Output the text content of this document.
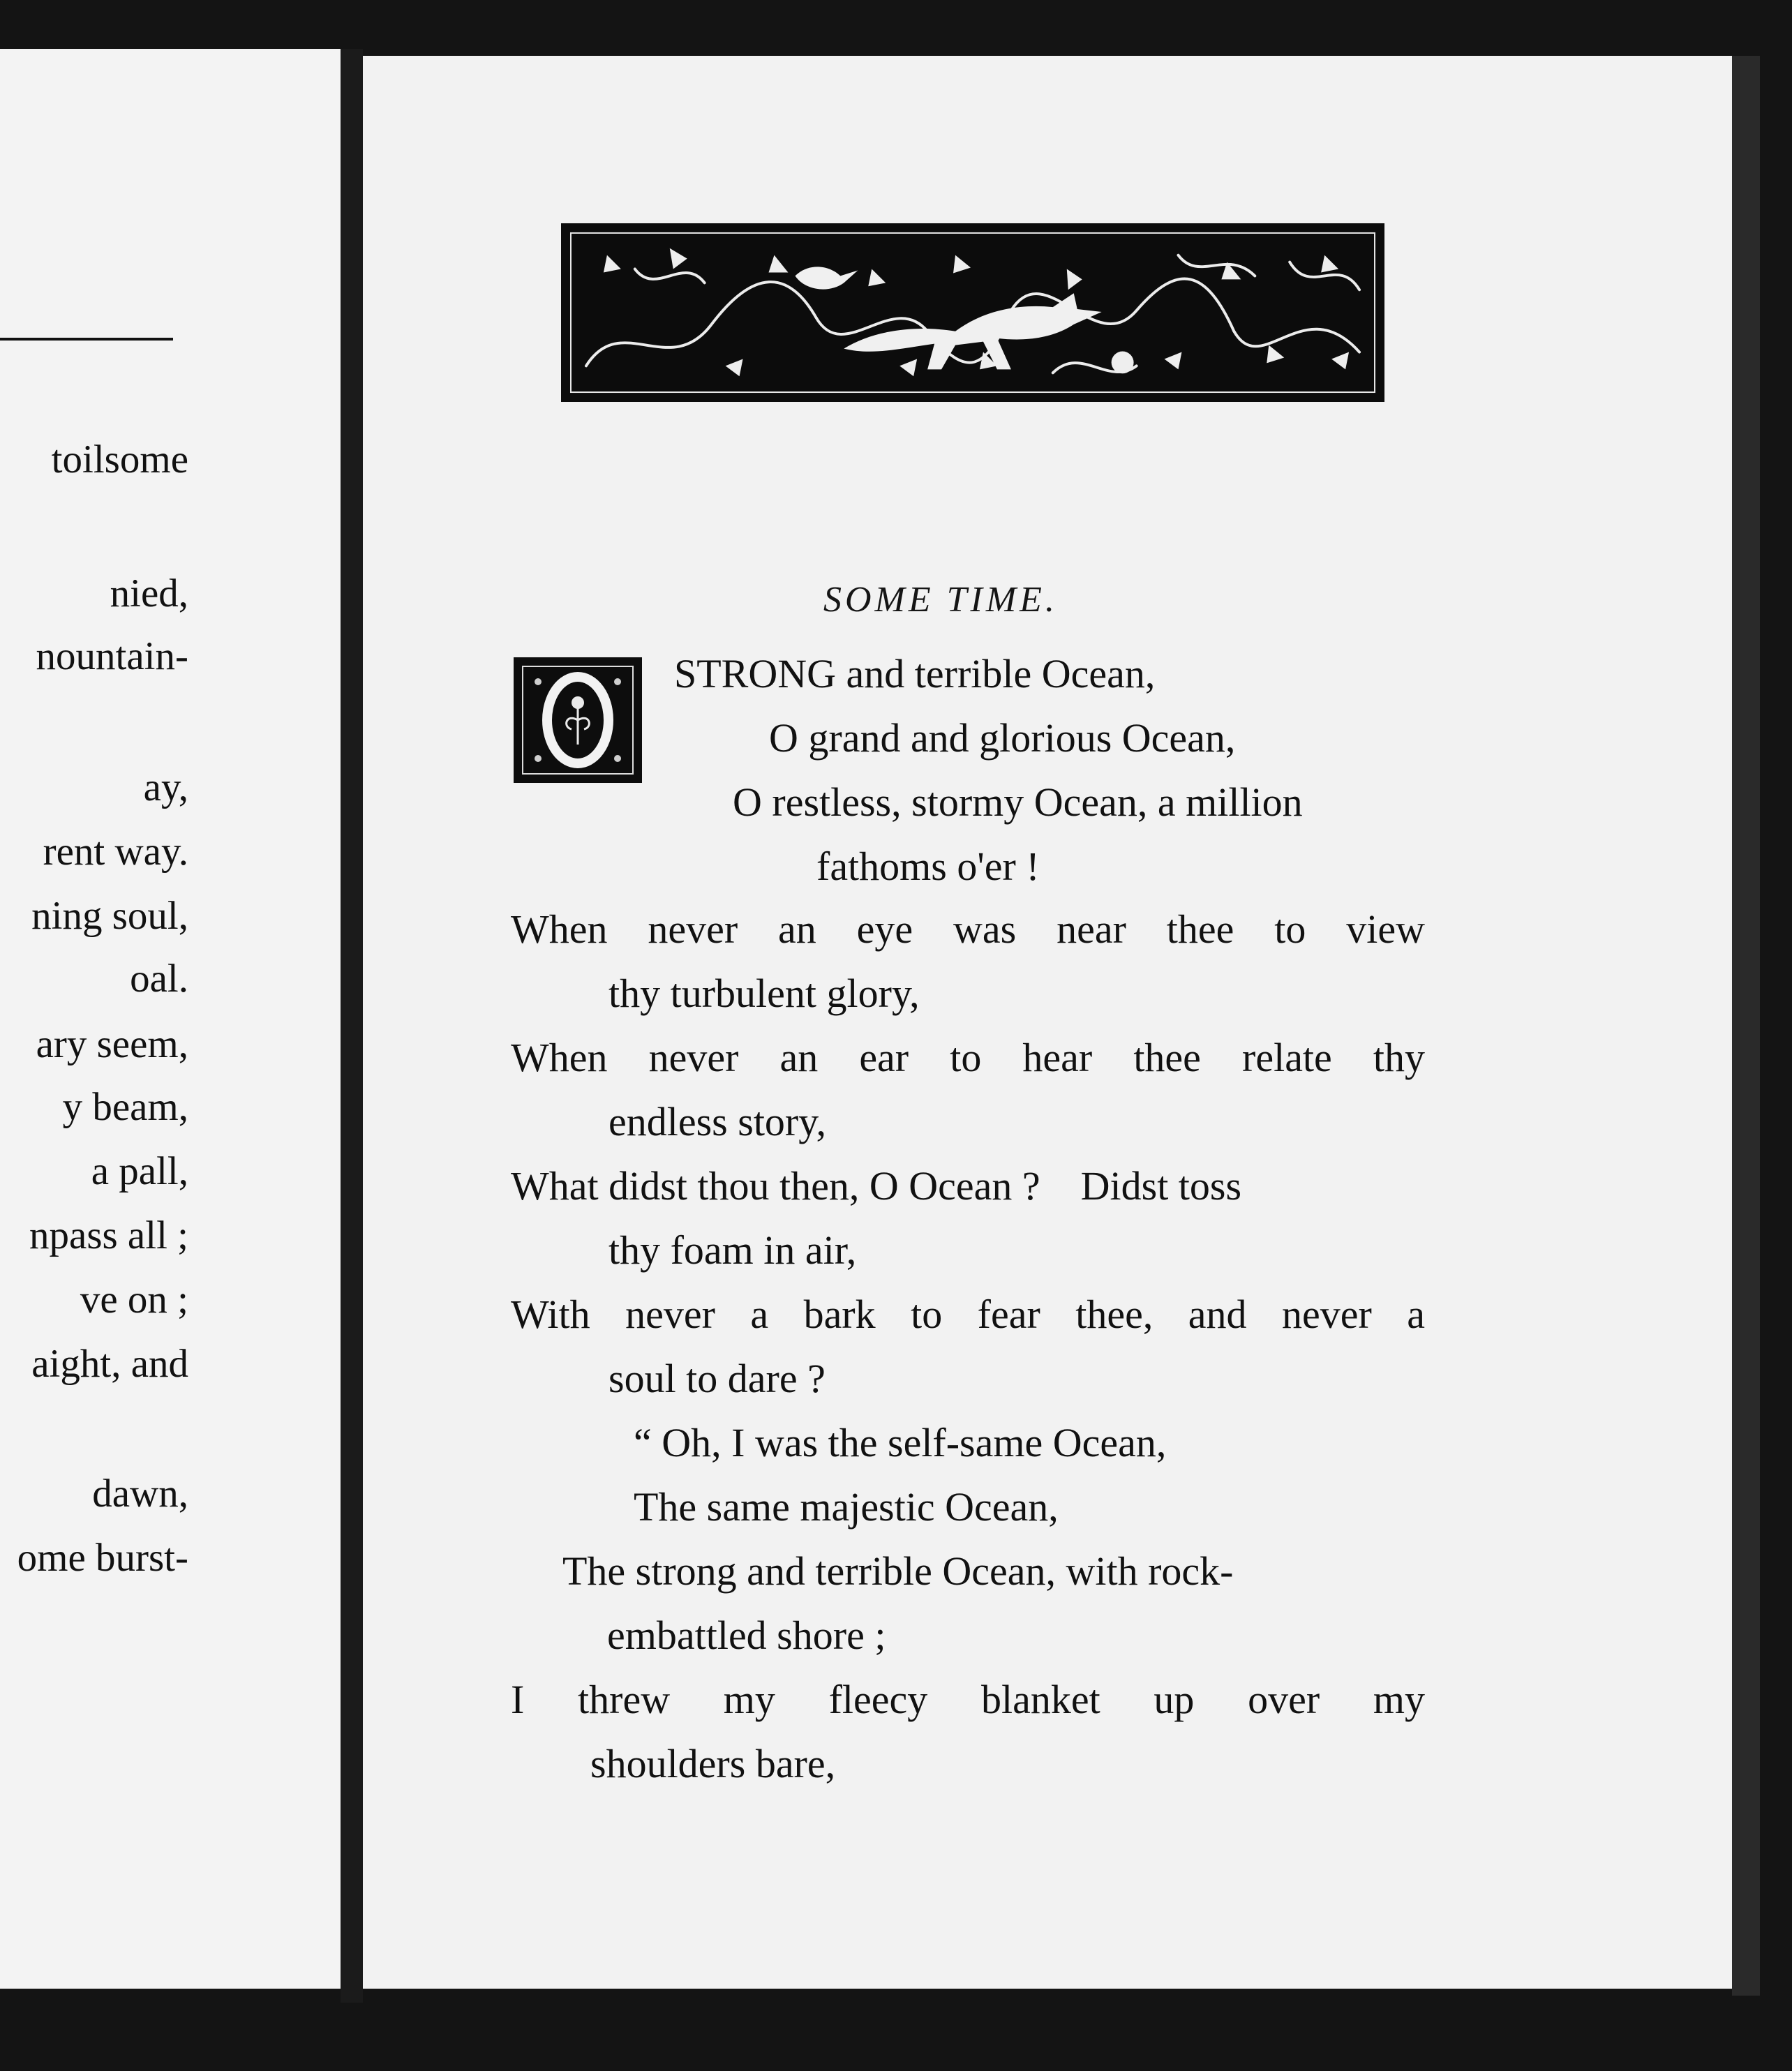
toilsome
nied,
nountain-
ay,
rent way.
ning soul,
oal.
ary seem,
y beam,
a pall,
npass all ;
ve on ;
aight, and
dawn,
ome burst-
SOME TIME.
STRONG and terrible Ocean,
O grand and glorious Ocean,
O restless, stormy Ocean, a million
fathoms o'er !
When never an eye was near thee to view
thy turbulent glory,
When never an ear to hear thee relate thy
endless story,
What didst thou then, O Ocean ?    Didst toss
thy foam in air,
With never a bark to fear thee, and never a
soul to dare ?
“ Oh, I was the self-same Ocean,
The same majestic Ocean,
The strong and terrible Ocean, with rock-
embattled shore ;
I threw my fleecy blanket up over my
shoulders bare,
